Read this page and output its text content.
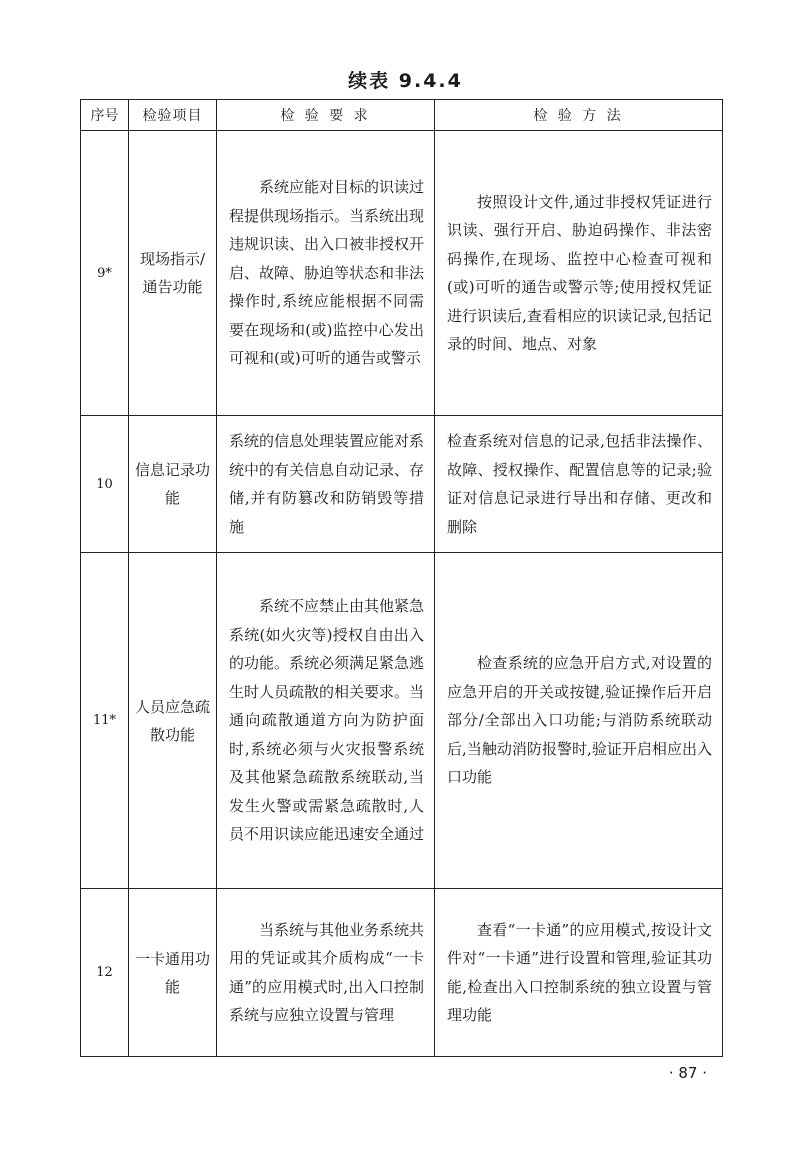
续表 9.4.4
序号	检验项目	检 验 要 求	检 验 方 法
9*	现场指示/通告功能	系统应能对目标的识读过程提供现场指示。当系统出现违规识读、出入口被非授权开启、故障、胁迫等状态和非法操作时,系统应能根据不同需要在现场和(或)监控中心发出可视和(或)可听的通告或警示	按照设计文件,通过非授权凭证进行识读、强行开启、胁迫码操作、非法密码操作,在现场、监控中心检查可视和(或)可听的通告或警示等;使用授权凭证进行识读后,查看相应的识读记录,包括记录的时间、地点、对象

10	信息记录功能	系统的信息处理装置应能对系统中的有关信息自动记录、存储,并有防篡改和防销毁等措施	检查系统对信息的记录,包括非法操作、故障、授权操作、配置信息等的记录;验证对信息记录进行导出和存储、更改和删除
11*	人员应急疏散功能	系统不应禁止由其他紧急系统(如火灾等)授权自由出入的功能。系统必须满足紧急逃生时人员疏散的相关要求。当通向疏散通道方向为防护面时,系统必须与火灾报警系统及其他紧急疏散系统联动,当发生火警或需紧急疏散时,人员不用识读应能迅速安全通过	检查系统的应急开启方式,对设置的应急开启的开关或按键,验证操作后开启部分/全部出入口功能;与消防系统联动后,当触动消防报警时,验证开启相应出入口功能

12	一卡通用功能	当系统与其他业务系统共用的凭证或其介质构成“一卡通”的应用模式时,出入口控制系统与应独立设置与管理	查看“一卡通”的应用模式,按设计文件对“一卡通”进行设置和管理,验证其功能,检查出入口控制系统的独立设置与管理功能
· 87 ·
